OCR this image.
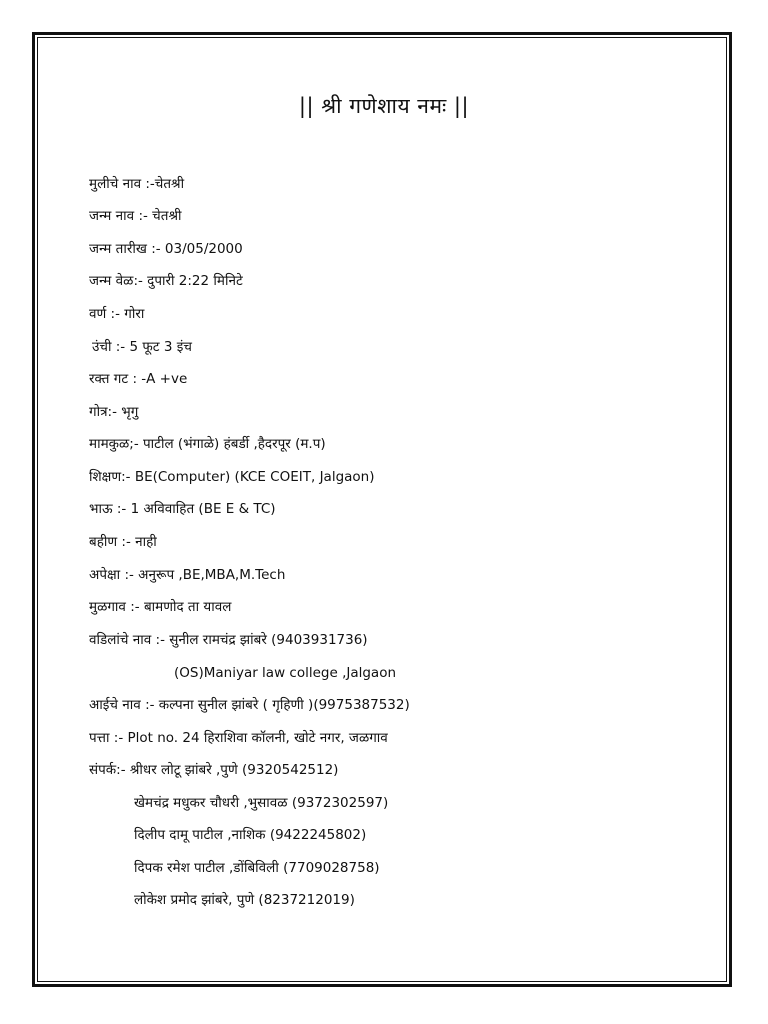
|| श्री गणेशाय नमः ||
मुलीचे नाव :-चेतश्री
जन्म नाव :- चेतश्री
जन्म तारीख :- 03/05/2000
जन्म वेळ:- दुपारी 2:22 मिनिटे
वर्ण :- गोरा
उंची :- 5 फूट 3 इंच
रक्त गट : -A +ve
गोत्र:- भृगु
मामकुळ;- पाटील (भंगाळे) हंबर्डी ,हैदरपूर (म.प)
शिक्षण:- BE(Computer) (KCE COEIT, Jalgaon)
भाऊ :- 1 अविवाहित (BE E & TC)
बहीण :- नाही
अपेक्षा :- अनुरूप ,BE,MBA,M.Tech
मुळगाव :- बामणोद ता यावल
वडिलांचे नाव :- सुनील रामचंद्र झांबरे (9403931736)
(OS)Maniyar law college ,Jalgaon
आईचे नाव :- कल्पना सुनील झांबरे ( गृहिणी )(9975387532)
पत्ता :- Plot no. 24 हिराशिवा कॉलनी, खोटे नगर, जळगाव
संपर्क:- श्रीधर लोटू झांबरे ,पुणे (9320542512)
खेमचंद्र मधुकर चौधरी ,भुसावळ (9372302597)
दिलीप दामू पाटील ,नाशिक (9422245802)
दिपक रमेश पाटील ,डोंबिविली (7709028758)
लोकेश प्रमोद झांबरे, पुणे (8237212019)
